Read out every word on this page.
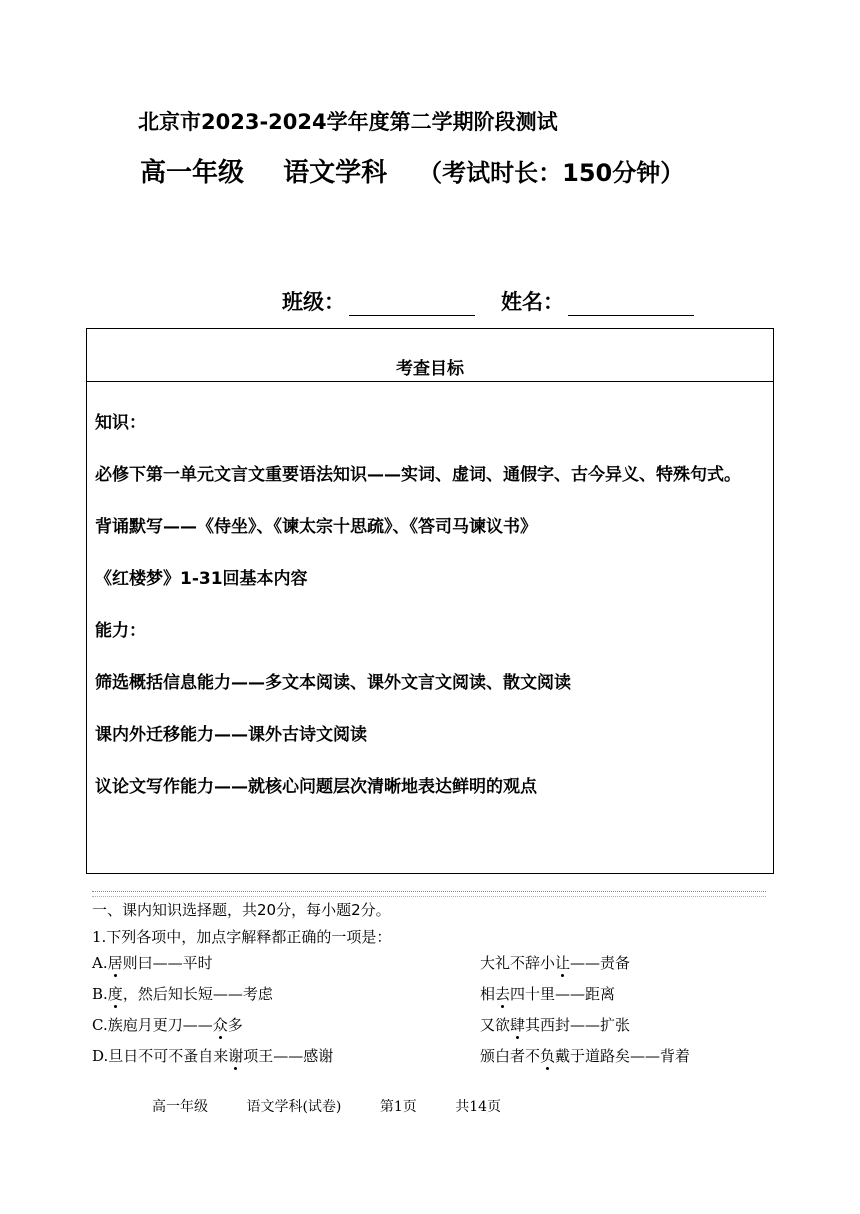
北京市2023-2024学年度第二学期阶段测试
高一年级 语文学科 （考试时长：150分钟）
班级：	姓名：
考查目标

知识：

必修下第一单元文言文重要语法知识——实词、虚词、通假字、古今异义、特殊句式。

背诵默写——《侍坐》、《谏太宗十思疏》、《答司马谏议书》

《红楼梦》1-31回基本内容

能力：

筛选概括信息能力——多文本阅读、课外文言文阅读、散文阅读

课内外迁移能力——课外古诗文阅读

议论文写作能力——就核心问题层次清晰地表达鲜明的观点

一、课内知识选择题，共20分，每小题2分。
1.下列各项中，加点字解释都正确的一项是：
A.居则曰——平时	大礼不辞小让——责备
B.度，然后知长短——考虑	相去四十里——距离
C.族庖月更刀——众多	又欲肆其西封——扩张
D.旦日不可不蚤自来谢项王——感谢	颁白者不负戴于道路矣——背着
高一年级	语文学科(试卷)	第1页	共14页
